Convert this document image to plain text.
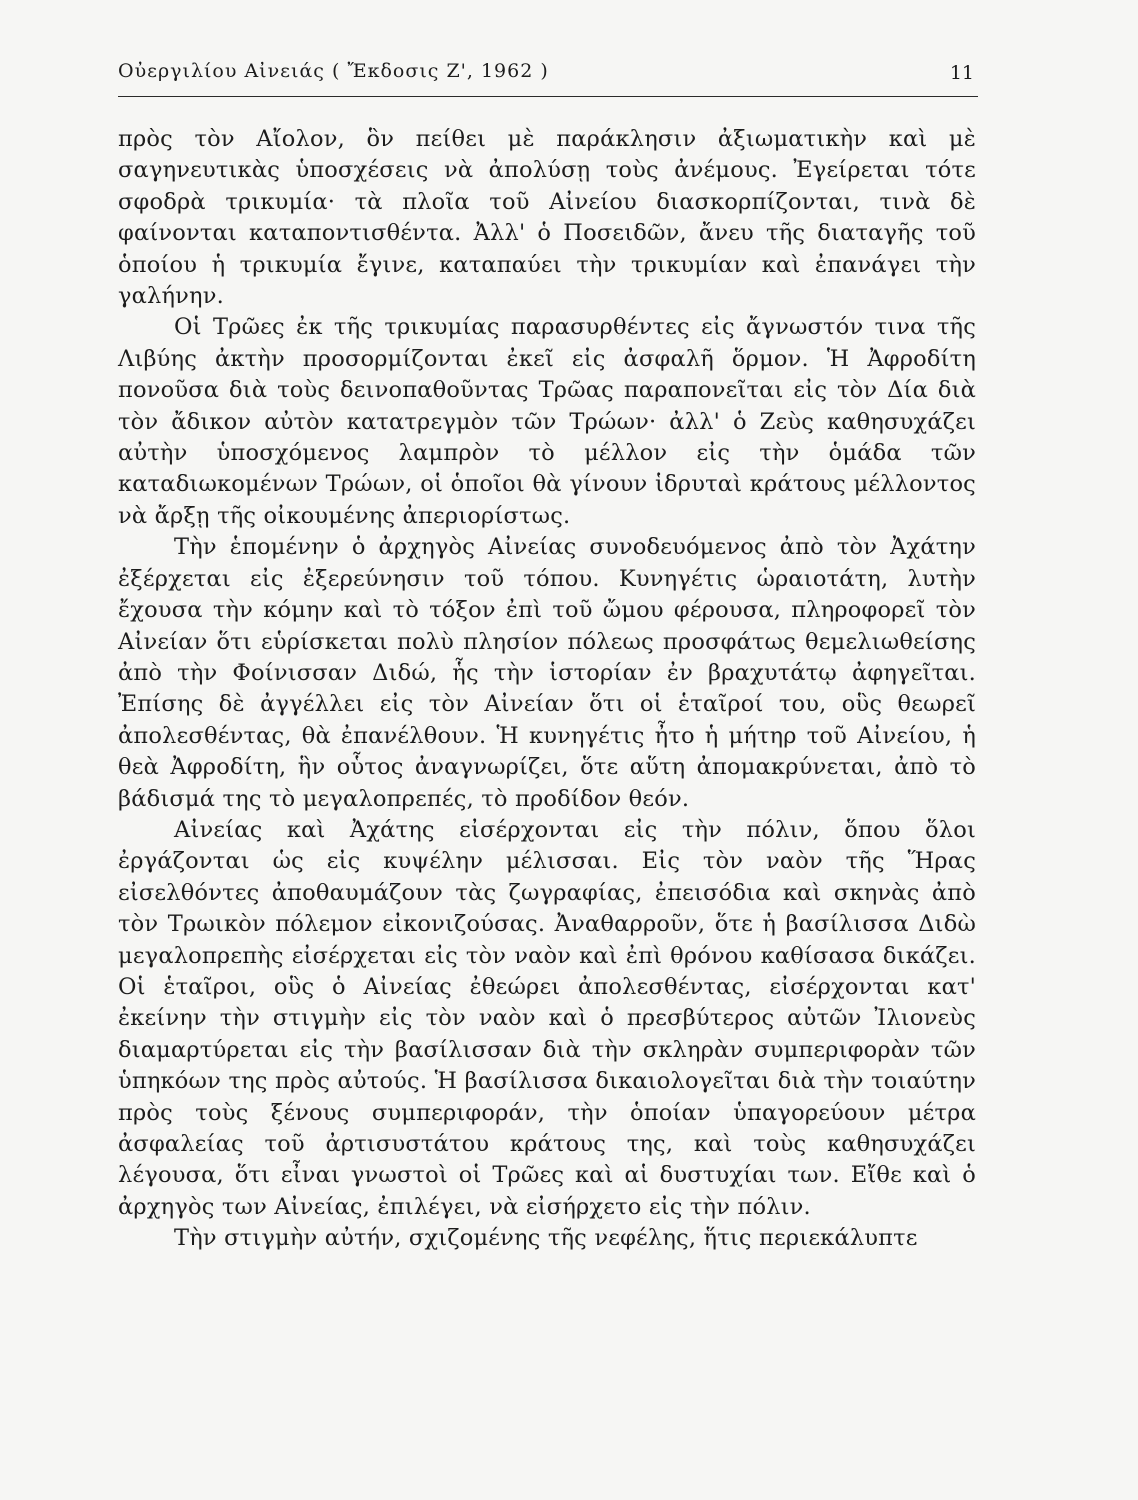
Οὐεργιλίου Αἰνειάς ( Ἔκδοσις Ζ', 1962 )	11

πρὸς τὸν Αἴολον, ὃν πείθει μὲ παράκλησιν ἀξιωματικὴν καὶ μὲ σαγηνευτικὰς ὑποσχέσεις νὰ ἀπολύσῃ τοὺς ἀνέμους. Ἐγείρεται τότε σφοδρὰ τρικυμία· τὰ πλοῖα τοῦ Αἰνείου διασκορπίζονται, τινὰ δὲ φαίνονται καταποντισθέντα. Ἀλλ' ὁ Ποσειδῶν, ἄνευ τῆς διαταγῆς τοῦ ὁποίου ἡ τρικυμία ἔγινε, καταπαύει τὴν τρικυμίαν καὶ ἐπανάγει τὴν γαλήνην.

Οἱ Τρῶες ἐκ τῆς τρικυμίας παρασυρθέντες εἰς ἄγνωστόν τινα τῆς Λιβύης ἀκτὴν προσορμίζονται ἐκεῖ εἰς ἀσφαλῆ ὅρμον. Ἡ Ἀφροδίτη πονοῦσα διὰ τοὺς δεινοπαθοῦντας Τρῶας παραπονεῖται εἰς τὸν Δία διὰ τὸν ἄδικον αὐτὸν κατατρεγμὸν τῶν Τρώων· ἀλλ' ὁ Ζεὺς καθησυχάζει αὐτὴν ὑποσχόμενος λαμπρὸν τὸ μέλλον εἰς τὴν ὁμάδα τῶν καταδιωκομένων Τρώων, οἱ ὁποῖοι θὰ γίνουν ἱδρυταὶ κράτους μέλλοντος νὰ ἄρξῃ τῆς οἰκουμένης ἀπεριορίστως.

Τὴν ἑπομένην ὁ ἀρχηγὸς Αἰνείας συνοδευόμενος ἀπὸ τὸν Ἀχάτην ἐξέρχεται εἰς ἐξερεύνησιν τοῦ τόπου. Κυνηγέτις ὡραιοτάτη, λυτὴν ἔχουσα τὴν κόμην καὶ τὸ τόξον ἐπὶ τοῦ ὤμου φέρουσα, πληροφορεῖ τὸν Αἰνείαν ὅτι εὑρίσκεται πολὺ πλησίον πόλεως προσφάτως θεμελιωθείσης ἀπὸ τὴν Φοίνισσαν Διδώ, ἧς τὴν ἱστορίαν ἐν βραχυτάτῳ ἀφηγεῖται. Ἐπίσης δὲ ἀγγέλλει εἰς τὸν Αἰνείαν ὅτι οἱ ἑταῖροί του, οὓς θεωρεῖ ἀπολεσθέντας, θὰ ἐπανέλθουν. Ἡ κυνηγέτις ἦτο ἡ μήτηρ τοῦ Αἰνείου, ἡ θεὰ Ἀφροδίτη, ἣν οὗτος ἀναγνωρίζει, ὅτε αὕτη ἀπομακρύνεται, ἀπὸ τὸ βάδισμά της τὸ μεγαλοπρεπές, τὸ προδίδον θεόν.

Αἰνείας καὶ Ἀχάτης εἰσέρχονται εἰς τὴν πόλιν, ὅπου ὅλοι ἐργάζονται ὡς εἰς κυψέλην μέλισσαι. Εἰς τὸν ναὸν τῆς Ἥρας εἰσελθόντες ἀποθαυμάζουν τὰς ζωγραφίας, ἐπεισόδια καὶ σκηνὰς ἀπὸ τὸν Τρωικὸν πόλεμον εἰκονιζούσας. Ἀναθαρροῦν, ὅτε ἡ βασίλισσα Διδὼ μεγαλοπρεπὴς εἰσέρχεται εἰς τὸν ναὸν καὶ ἐπὶ θρόνου καθίσασα δικάζει. Οἱ ἑταῖροι, οὓς ὁ Αἰνείας ἐθεώρει ἀπολεσθέντας, εἰσέρχονται κατ' ἐκείνην τὴν στιγμὴν εἰς τὸν ναὸν καὶ ὁ πρεσβύτερος αὐτῶν Ἰλιονεὺς διαμαρτύρεται εἰς τὴν βασίλισσαν διὰ τὴν σκληρὰν συμπεριφορὰν τῶν ὑπηκόων της πρὸς αὐτούς. Ἡ βασίλισσα δικαιολογεῖται διὰ τὴν τοιαύτην πρὸς τοὺς ξένους συμπεριφοράν, τὴν ὁποίαν ὑπαγορεύουν μέτρα ἀσφαλείας τοῦ ἀρτισυστάτου κράτους της, καὶ τοὺς καθησυχάζει λέγουσα, ὅτι εἶναι γνωστοὶ οἱ Τρῶες καὶ αἱ δυστυχίαι των. Εἴθε καὶ ὁ ἀρχηγὸς των Αἰνείας, ἐπιλέγει, νὰ εἰσήρχετο εἰς τὴν πόλιν.

Τὴν στιγμὴν αὐτήν, σχιζομένης τῆς νεφέλης, ἥτις περιεκάλυπτε
